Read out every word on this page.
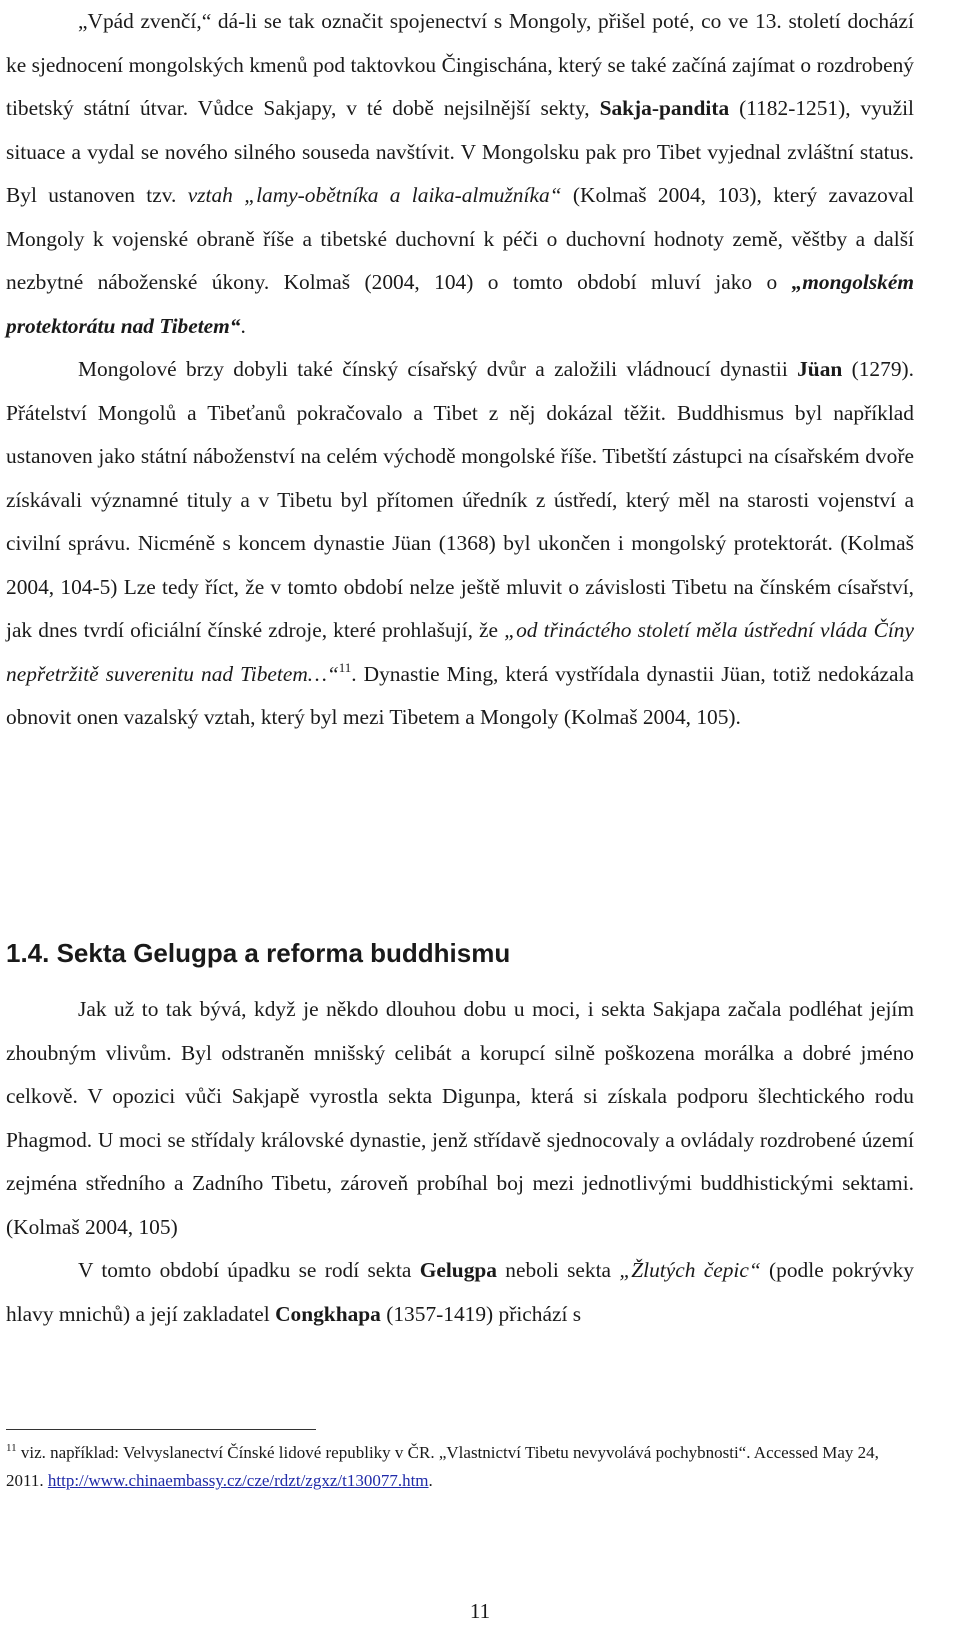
„Vpád zvenčí,“ dá-li se tak označit spojenectví s Mongoly, přišel poté, co ve 13. století dochází ke sjednocení mongolských kmenů pod taktovkou Čingischána, který se také začíná zajímat o rozdrobený tibetský státní útvar. Vůdce Sakjapy, v té době nejsilnější sekty, Sakja-pandita (1182-1251), využil situace a vydal se nového silného souseda navštívit. V Mongolsku pak pro Tibet vyjednal zvláštní status. Byl ustanoven tzv. vztah „lamy-obětníka a laika-almužníka“ (Kolmaš 2004, 103), který zavazoval Mongoly k vojenské obraně říše a tibetské duchovní k péči o duchovní hodnoty země, věštby a další nezbytné náboženské úkony. Kolmaš (2004, 104) o tomto období mluví jako o „mongolském protektorátu nad Tibetem“.

Mongolové brzy dobyli také čínský císařský dvůr a založili vládnoucí dynastii Jüan (1279). Přátelství Mongolů a Tibeťanů pokračovalo a Tibet z něj dokázal těžit. Buddhismus byl například ustanoven jako státní náboženství na celém východě mongolské říše. Tibetští zástupci na císařském dvoře získávali významné tituly a v Tibetu byl přítomen úředník z ústředí, který měl na starosti vojenství a civilní správu. Nicméně s koncem dynastie Jüan (1368) byl ukončen i mongolský protektorát. (Kolmaš 2004, 104-5) Lze tedy říct, že v tomto období nelze ještě mluvit o závislosti Tibetu na čínském císařství, jak dnes tvrdí oficiální čínské zdroje, které prohlašují, že „od třináctého století měla ústřední vláda Číny nepřetržitě suverenitu nad Tibetem…“$^{11}$. Dynastie Ming, která vystřídala dynastii Jüan, totiž nedokázala obnovit onen vazalský vztah, který byl mezi Tibetem a Mongoly (Kolmaš 2004, 105).

1.4. Sekta Gelugpa a reforma buddhismu

Jak už to tak bývá, když je někdo dlouhou dobu u moci, i sekta Sakjapa začala podléhat jejím zhoubným vlivům. Byl odstraněn mnišský celibát a korupcí silně poškozena morálka a dobré jméno celkově. V opozici vůči Sakjapě vyrostla sekta Digunpa, která si získala podporu šlechtického rodu Phagmod. U moci se střídaly královské dynastie, jenž střídavě sjednocovaly a ovládaly rozdrobené území zejména středního a Zadního Tibetu, zároveň probíhal boj mezi jednotlivými buddhistickými sektami. (Kolmaš 2004, 105)

V tomto období úpadku se rodí sekta Gelugpa neboli sekta „Žlutých čepic“ (podle pokrývky hlavy mnichů) a její zakladatel Congkhapa (1357-1419) přichází s

$^{11}$ viz. například: Velvyslanectví Čínské lidové republiky v ČR. „Vlastnictví Tibetu nevyvolává pochybnosti“. Accessed May 24, 2011. http://www.chinaembassy.cz/cze/rdzt/zgxz/t130077.htm.
11
